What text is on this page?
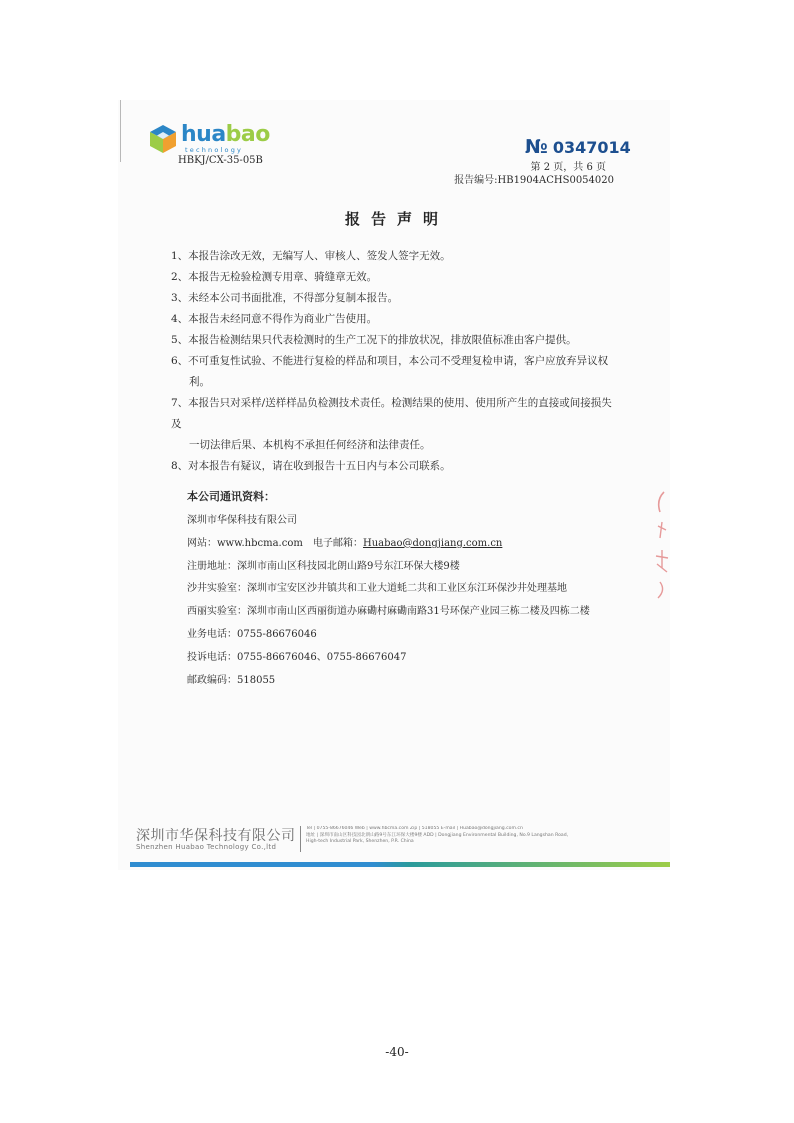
huabao
technology
HBKJ/CX-35-05B
№ 0347014
第 2 页，共 6 页
报告编号:HB1904ACHS0054020
报告声明
1、本报告涂改无效，无编写人、审核人、签发人签字无效。
2、本报告无检验检测专用章、骑缝章无效。
3、未经本公司书面批准，不得部分复制本报告。
4、本报告未经同意不得作为商业广告使用。
5、本报告检测结果只代表检测时的生产工况下的排放状况，排放限值标准由客户提供。
6、不可重复性试验、不能进行复检的样品和项目，本公司不受理复检申请，客户应放弃异议权
利。
7、本报告只对采样/送样样品负检测技术责任。检测结果的使用、使用所产生的直接或间接损失及
一切法律后果、本机构不承担任何经济和法律责任。
8、对本报告有疑议，请在收到报告十五日内与本公司联系。
本公司通讯资料：
深圳市华保科技有限公司
网站：www.hbcma.com 电子邮箱：Huabao@dongjiang.com.cn
注册地址：深圳市南山区科技园北朗山路9号东江环保大楼9楼
沙井实验室：深圳市宝安区沙井镇共和工业大道蚝二共和工业区东江环保沙井处理基地
西丽实验室：深圳市南山区西丽街道办麻磡村麻磡南路31号环保产业园三栋二楼及四栋二楼
业务电话：0755-86676046
投诉电话：0755-86676046、0755-86676047
邮政编码：518055
深圳市华保科技有限公司
Shenzhen Huabao Technology Co.,ltd
Tel | 0755-86676046 Web | www.hbcma.com Zip | 518055 E-mail | Huabao@dongjiang.com.cn
地址 | 深圳市南山区科技园北朗山路9号东江环保大楼9楼 ADD | Dongjiang Environmental Building, No.9 Langshan Road,
High-tech Industrial Park, Shenzhen, P.R. China
-40-
